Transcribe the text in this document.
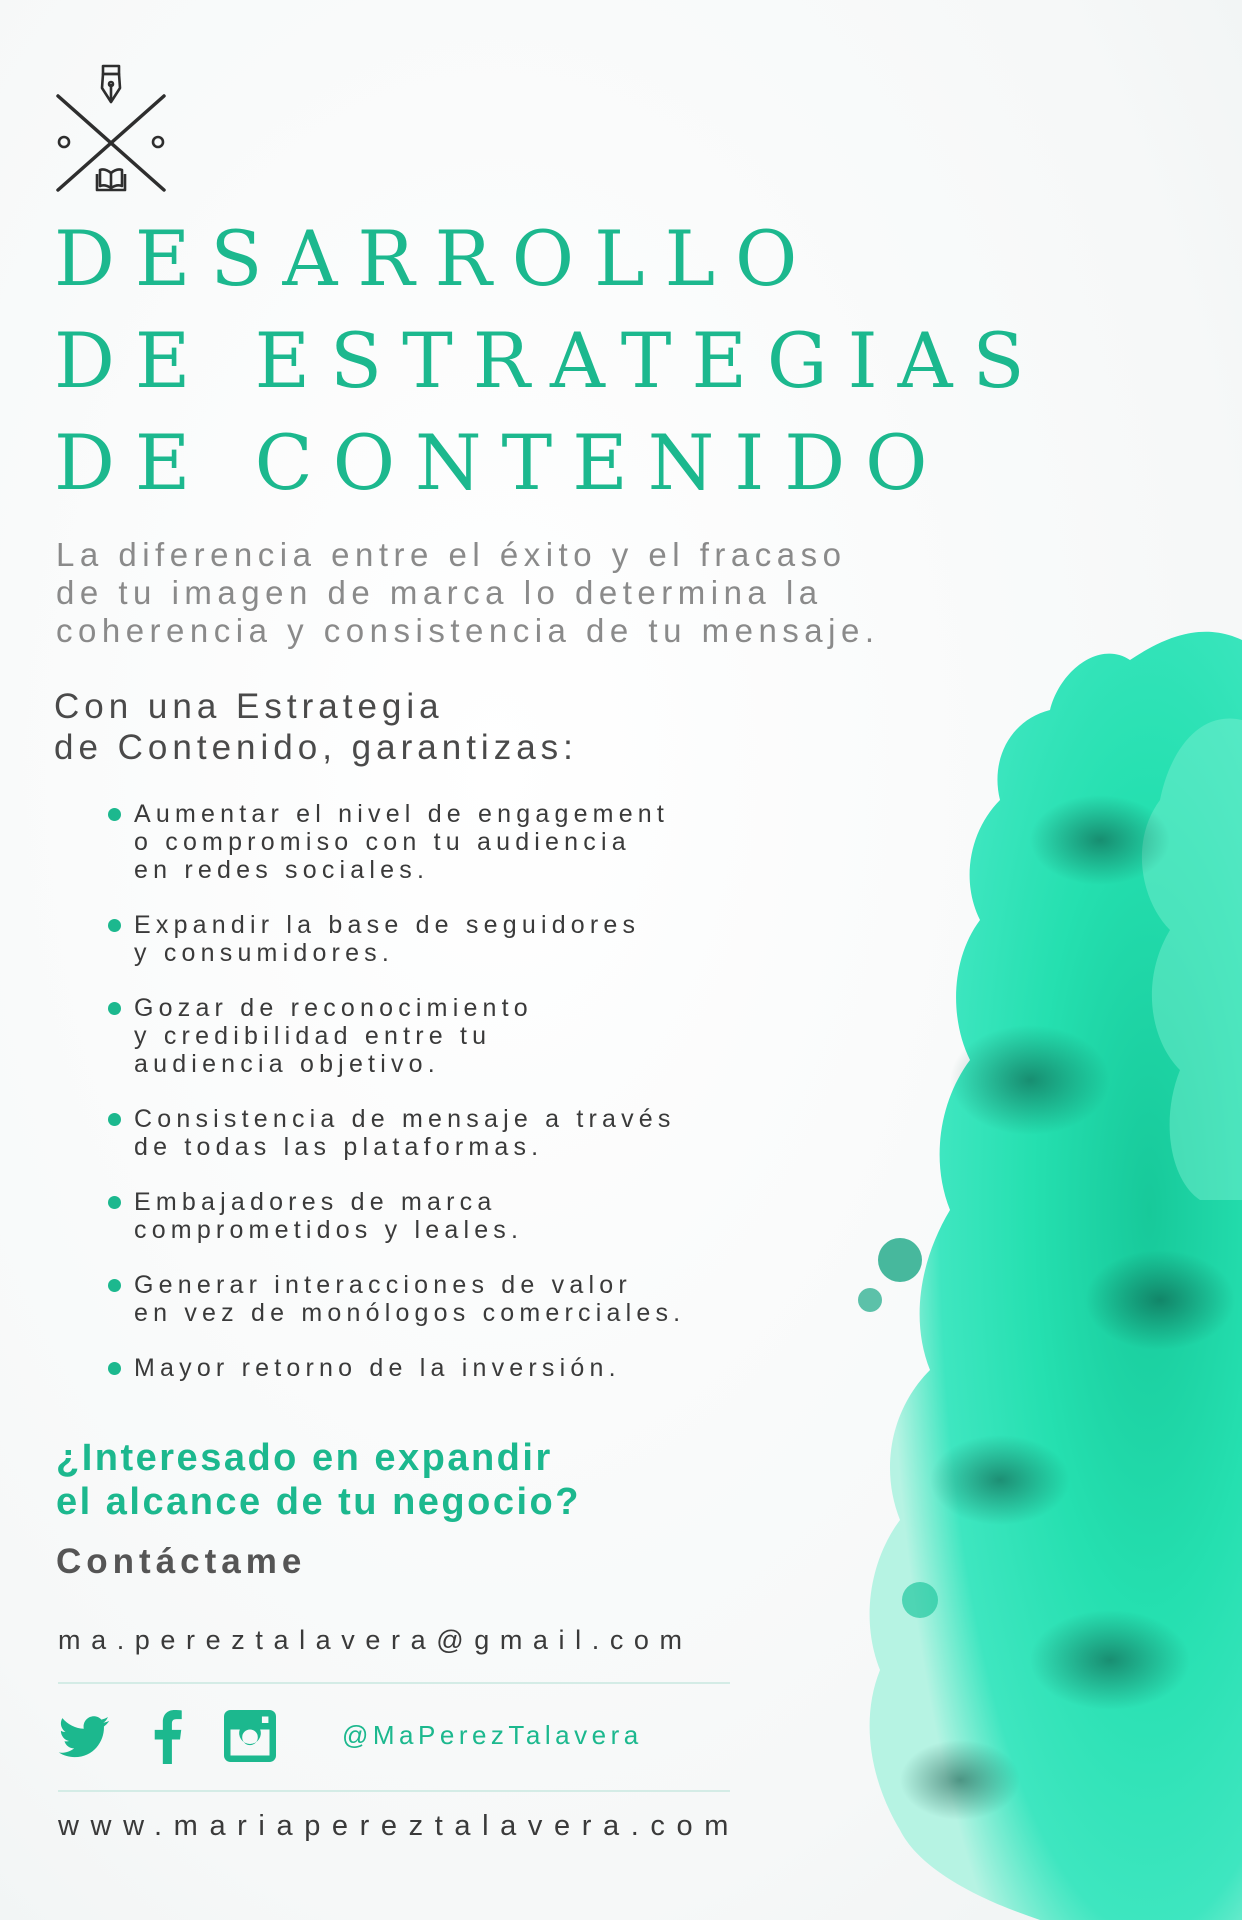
DESARROLLO
DE ESTRATEGIAS
DE CONTENIDO

La diferencia entre el éxito y el fracaso
de tu imagen de marca lo determina la
coherencia y consistencia de tu mensaje.

Con una Estrategia
de Contenido, garantizas:

Aumentar el nivel de engagement
o compromiso con tu audiencia
en redes sociales.
Expandir la base de seguidores
y consumidores.
Gozar de reconocimiento
y credibilidad entre tu
audiencia objetivo.
Consistencia de mensaje a través
de todas las plataformas.
Embajadores de marca
comprometidos y leales.
Generar interacciones de valor
en vez de monólogos comerciales.
Mayor retorno de la inversión.

¿Interesado en expandir
el alcance de tu negocio?

Contáctame

ma.pereztalavera@gmail.com
@MaPerezTalavera
www.mariapereztalavera.com
